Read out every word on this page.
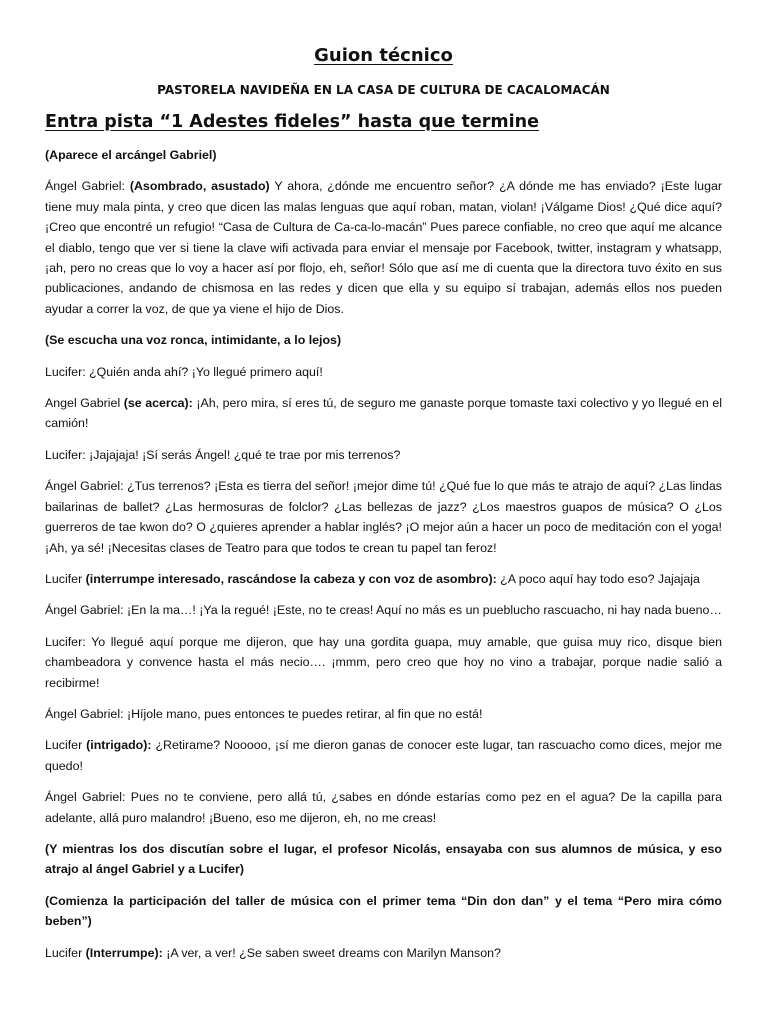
Guion técnico

PASTORELA NAVIDEÑA EN LA CASA DE CULTURA DE CACALOMACÁN

Entra pista “1 Adestes fideles” hasta que termine

(Aparece el arcángel Gabriel)

Ángel Gabriel: (Asombrado, asustado) Y ahora, ¿dónde me encuentro señor? ¿A dónde me has enviado? ¡Este lugar tiene muy mala pinta, y creo que dicen las malas lenguas que aquí roban, matan, violan! ¡Válgame Dios! ¿Qué dice aquí? ¡Creo que encontré un refugio! “Casa de Cultura de Ca-ca-lo-macán” Pues parece confiable, no creo que aquí me alcance el diablo, tengo que ver si tiene la clave wifi activada para enviar el mensaje por Facebook, twitter, instagram y whatsapp, ¡ah, pero no creas que lo voy a hacer así por flojo, eh, señor! Sólo que así me di cuenta que la directora tuvo éxito en sus publicaciones, andando de chismosa en las redes y dicen que ella y su equipo sí trabajan, además ellos nos pueden ayudar a correr la voz, de que ya viene el hijo de Dios.

(Se escucha una voz ronca, intimidante, a lo lejos)

Lucifer: ¿Quién anda ahí? ¡Yo llegué primero aquí!

Angel Gabriel (se acerca): ¡Ah, pero mira, sí eres tú, de seguro me ganaste porque tomaste taxi colectivo y yo llegué en el camión!

Lucifer: ¡Jajajaja! ¡Sí serás Ángel! ¿qué te trae por mis terrenos?

Ángel Gabriel: ¿Tus terrenos? ¡Esta es tierra del señor! ¡mejor dime tú! ¿Qué fue lo que más te atrajo de aquí? ¿Las lindas bailarinas de ballet? ¿Las hermosuras de folclor? ¿Las bellezas de jazz? ¿Los maestros guapos de música? O ¿Los guerreros de tae kwon do? O ¿quieres aprender a hablar inglés? ¡O mejor aún a hacer un poco de meditación con el yoga! ¡Ah, ya sé! ¡Necesitas clases de Teatro para que todos te crean tu papel tan feroz!

Lucifer (interrumpe interesado, rascándose la cabeza y con voz de asombro): ¿A poco aquí hay todo eso? Jajajaja

Ángel Gabriel: ¡En la ma…! ¡Ya la regué! ¡Este, no te creas! Aquí no más es un pueblucho rascuacho, ni hay nada bueno…

Lucifer: Yo llegué aquí porque me dijeron, que hay una gordita guapa, muy amable, que guisa muy rico, disque bien chambeadora y convence hasta el más necio…. ¡mmm, pero creo que hoy no vino a trabajar, porque nadie salió a recibirme!

Ángel Gabriel: ¡Híjole mano, pues entonces te puedes retirar, al fin que no está!

Lucifer (intrigado): ¿Retirame? Nooooo, ¡sí me dieron ganas de conocer este lugar, tan rascuacho como dices, mejor me quedo!

Ángel Gabriel: Pues no te conviene, pero allá tú, ¿sabes en dónde estarías como pez en el agua? De la capilla para adelante, allá puro malandro! ¡Bueno, eso me dijeron, eh, no me creas!

(Y mientras los dos discutían sobre el lugar, el profesor Nicolás, ensayaba con sus alumnos de música, y eso atrajo al ángel Gabriel y a Lucifer)

(Comienza la participación del taller de música con el primer tema “Din don dan” y el tema “Pero mira cómo beben”)

Lucifer (Interrumpe): ¡A ver, a ver! ¿Se saben sweet dreams con Marilyn Manson?
